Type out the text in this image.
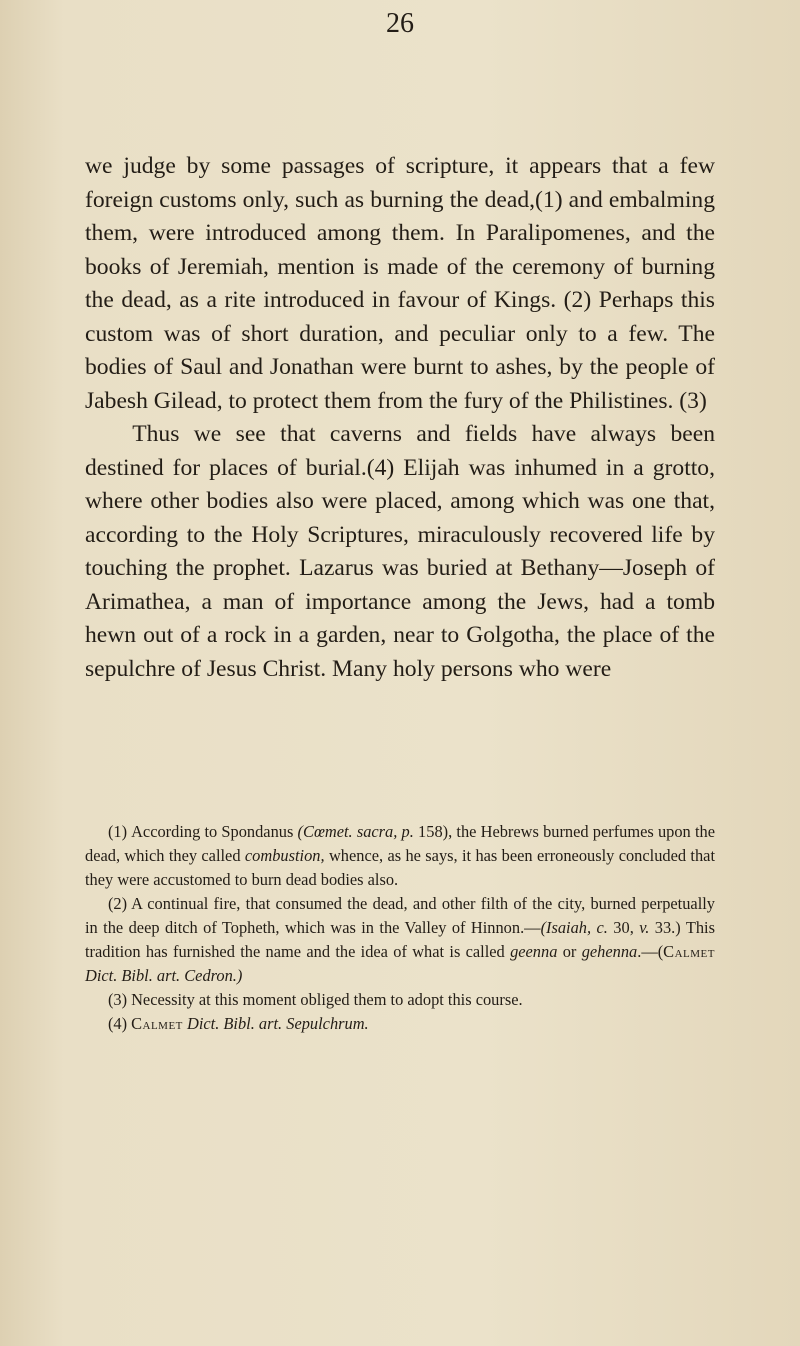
26

we judge by some passages of scripture, it appears that a few foreign customs only, such as burning the dead,(1) and embalming them, were introduced among them. In Paralipomenes, and the books of Jeremiah, mention is made of the ceremony of burning the dead, as a rite introduced in favour of Kings. (2) Perhaps this custom was of short duration, and peculiar only to a few. The bodies of Saul and Jonathan were burnt to ashes, by the people of Jabesh Gilead, to protect them from the fury of the Philistines. (3)

Thus we see that caverns and fields have always been destined for places of burial.(4) Elijah was inhumed in a grotto, where other bodies also were placed, among which was one that, according to the Holy Scriptures, miraculously recovered life by touching the prophet. Lazarus was buried at Bethany—Joseph of Arimathea, a man of importance among the Jews, had a tomb hewn out of a rock in a garden, near to Golgotha, the place of the sepulchre of Jesus Christ. Many holy persons who were

(1) According to Spondanus (Cœmet. sacra, p. 158), the Hebrews burned perfumes upon the dead, which they called combustion, whence, as he says, it has been erroneously concluded that they were accustomed to burn dead bodies also.

(2) A continual fire, that consumed the dead, and other filth of the city, burned perpetually in the deep ditch of Topheth, which was in the Valley of Hinnon.—(Isaiah, c. 30, v. 33.) This tradition has furnished the name and the idea of what is called geenna or gehenna.—(Calmet Dict. Bibl. art. Cedron.)

(3) Necessity at this moment obliged them to adopt this course.

(4) Calmet Dict. Bibl. art. Sepulchrum.
